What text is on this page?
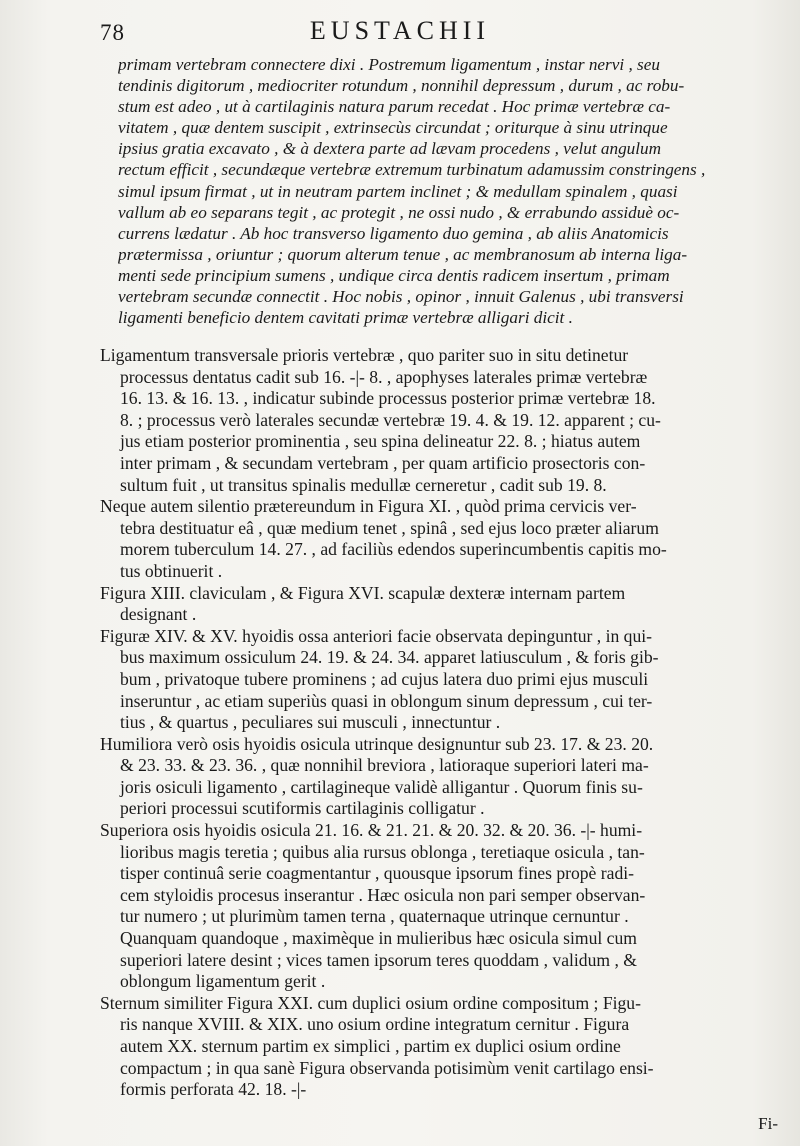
78	EUSTACHII
primam vertebram connectere dixi . Postremum ligamentum , instar nervi , seu
tendinis digitorum , mediocriter rotundum , nonnihil depressum , durum , ac robu-
stum est adeo , ut à cartilaginis natura parum recedat . Hoc primæ vertebræ ca-
vitatem , quæ dentem suscipit , extrinsecùs circundat ; oriturque à sinu utrinque
ipsius gratia excavato , & à dextera parte ad lævam procedens , velut angulum
rectum efficit , secundæque vertebræ extremum turbinatum adamussim constringens ,
simul ipsum firmat , ut in neutram partem inclinet ; & medullam spinalem , quasi
vallum ab eo separans tegit , ac protegit , ne ossi nudo , & errabundo assiduè oc-
currens lædatur . Ab hoc transverso ligamento duo gemina , ab aliis Anatomicis
prætermissa , oriuntur ; quorum alterum tenue , ac membranosum ab interna liga-
menti sede principium sumens , undique circa dentis radicem insertum , primam
vertebram secundæ connectit . Hoc nobis , opinor , innuit Galenus , ubi transversi
ligamenti beneficio dentem cavitati primæ vertebræ alligari dicit .
Ligamentum transversale prioris vertebræ , quo pariter suo in situ detinetur
processus dentatus cadit sub 16. -|- 8. , apophyses laterales primæ vertebræ
16. 13. & 16. 13. , indicatur subinde processus posterior primæ vertebræ 18.
8. ; processus verò laterales secundæ vertebræ 19. 4. & 19. 12. apparent ; cu-
jus etiam posterior prominentia , seu spina delineatur 22. 8. ; hiatus autem
inter primam , & secundam vertebram , per quam artificio prosectoris con-
sultum fuit , ut transitus spinalis medullæ cerneretur , cadit sub 19. 8.
Neque autem silentio prætereundum in Figura XI. , quòd prima cervicis ver-
tebra destituatur eâ , quæ medium tenet , spinâ , sed ejus loco præter aliarum
morem tuberculum 14. 27. , ad faciliùs edendos superincumbentis capitis mo-
tus obtinuerit .
Figura XIII. claviculam , & Figura XVI. scapulæ dexteræ internam partem
designant .
Figuræ XIV. & XV. hyoidis ossa anteriori facie observata depinguntur , in qui-
bus maximum ossiculum 24. 19. & 24. 34. apparet latiusculum , & foris gib-
bum , privatoque tubere prominens ; ad cujus latera duo primi ejus musculi
inseruntur , ac etiam superiùs quasi in oblongum sinum depressum , cui ter-
tius , & quartus , peculiares sui musculi , innectuntur .
Humiliora verò osis hyoidis osicula utrinque designuntur sub 23. 17. & 23. 20.
& 23. 33. & 23. 36. , quæ nonnihil breviora , latioraque superiori lateri ma-
joris osiculi ligamento , cartilagineque validè alligantur . Quorum finis su-
periori processui scutiformis cartilaginis colligatur .
Superiora osis hyoidis osicula 21. 16. & 21. 21. & 20. 32. & 20. 36. -|- humi-
lioribus magis teretia ; quibus alia rursus oblonga , teretiaque osicula , tan-
tisper continuâ serie coagmentantur , quousque ipsorum fines propè radi-
cem styloidis procesus inserantur . Hæc osicula non pari semper observan-
tur numero ; ut plurimùm tamen terna , quaternaque utrinque cernuntur .
Quanquam quandoque , maximèque in mulieribus hæc osicula simul cum
superiori latere desint ; vices tamen ipsorum teres quoddam , validum , &
oblongum ligamentum gerit .
Sternum similiter Figura XXI. cum duplici osium ordine compositum ; Figu-
ris nanque XVIII. & XIX. uno osium ordine integratum cernitur . Figura
autem XX. sternum partim ex simplici , partim ex duplici osium ordine
compactum ; in qua sanè Figura observanda potisimùm venit cartilago ensi-
formis perforata 42. 18. -|-
Fi-
